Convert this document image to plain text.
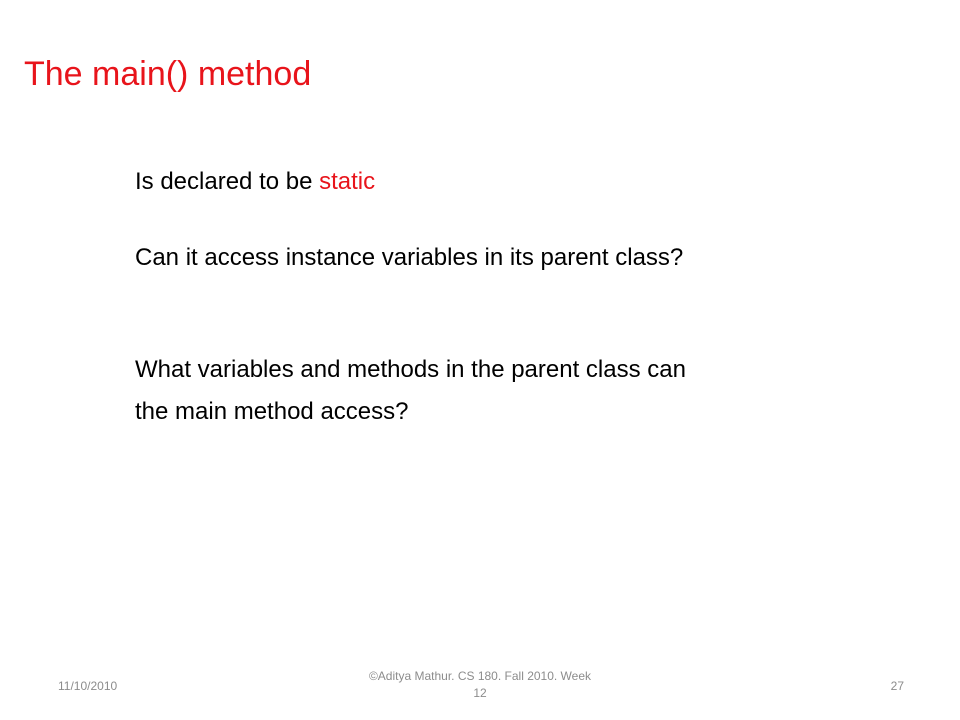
The main() method
Is declared to be static
Can it access instance variables in its parent class?
What variables and methods in the parent class can
the main method access?
11/10/2010
©Aditya Mathur. CS 180. Fall 2010. Week
12	27
